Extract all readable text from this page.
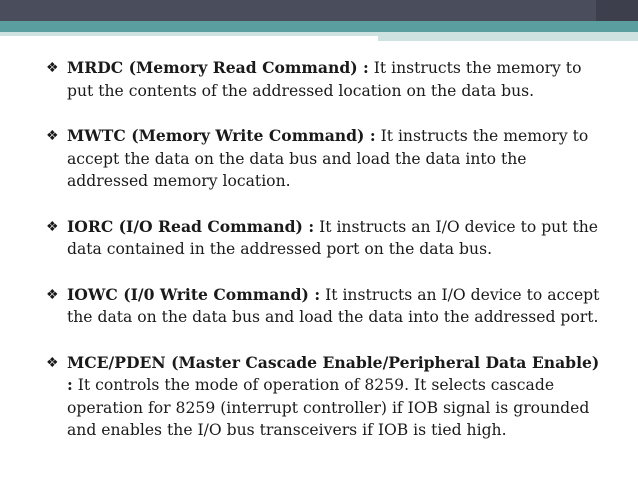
❖ MRDC (Memory Read Command) : It instructs the memory to put the contents of the addressed location on the data bus.
❖ MWTC (Memory Write Command) : It instructs the memory to accept the data on the data bus and load the data into the addressed memory location.
❖ IORC (I/O Read Command) : It instructs an I/O device to put the data contained in the addressed port on the data bus.
❖ IOWC (I/0 Write Command) : It instructs an I/O device to accept the data on the data bus and load the data into the addressed port.
❖ MCE/PDEN (Master Cascade Enable/Peripheral Data Enable) : It controls the mode of operation of 8259. It selects cascade operation for 8259 (interrupt controller) if IOB signal is grounded and enables the I/O bus transceivers if IOB is tied high.
